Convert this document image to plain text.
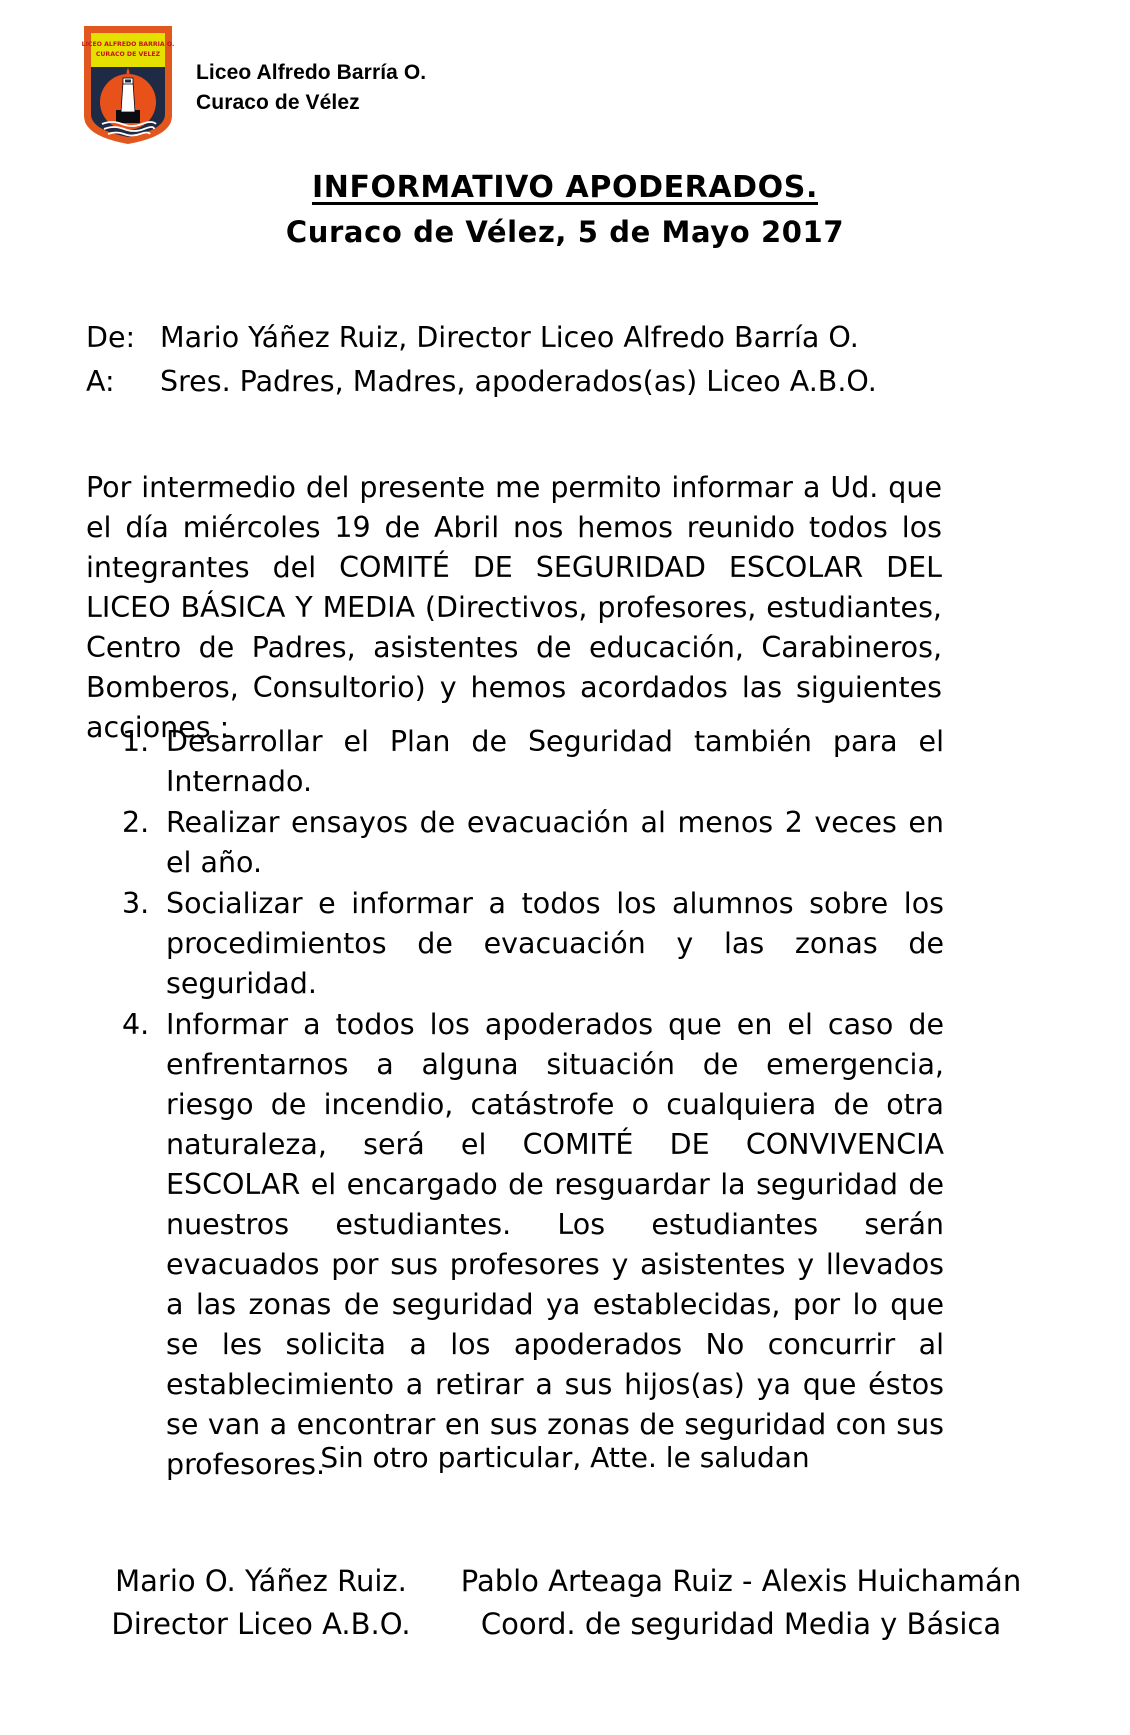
LICEO ALFREDO BARRIA O.
CURACO DE VELEZ
Liceo Alfredo Barría O.
Curaco de Vélez
INFORMATIVO APODERADOS.
Curaco de Vélez, 5 de Mayo 2017
De: Mario Yáñez Ruiz, Director Liceo Alfredo Barría O.
A:	Sres. Padres, Madres, apoderados(as) Liceo A.B.O.

Por intermedio del presente me permito informar a Ud. que el día miércoles 19 de Abril nos hemos reunido todos los integrantes del COMITÉ DE SEGURIDAD ESCOLAR DEL LICEO BÁSICA Y MEDIA (Directivos, profesores, estudiantes, Centro de Padres, asistentes de educación, Carabineros, Bomberos, Consultorio) y hemos acordados las siguientes acciones :

Desarrollar el Plan de Seguridad también para el Internado.
Realizar ensayos de evacuación al menos 2 veces en el año.
Socializar e informar a todos los alumnos sobre los procedimientos de evacuación y las zonas de seguridad.
Informar a todos los apoderados que en el caso de enfrentarnos a alguna situación de emergencia, riesgo de incendio, catástrofe o cualquiera de otra naturaleza, será el COMITÉ DE CONVIVENCIA ESCOLAR el encargado de resguardar la seguridad de nuestros estudiantes. Los estudiantes serán evacuados por sus profesores y asistentes y llevados a las zonas de seguridad ya establecidas, por lo que se les solicita a los apoderados No concurrir al establecimiento a retirar a sus hijos(as) ya que éstos se van a encontrar en sus zonas de seguridad con sus profesores.
Sin otro particular, Atte. le saludan
Mario O. Yáñez Ruiz.
Director Liceo A.B.O.
Pablo Arteaga Ruiz - Alexis Huichamán
Coord. de seguridad Media y Básica
